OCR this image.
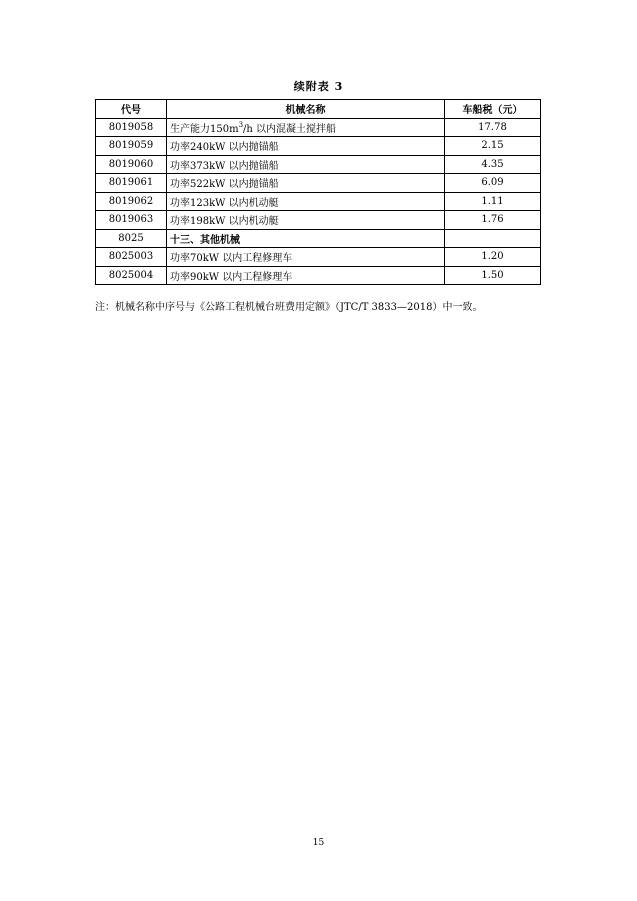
续附表 3
代号	机械名称	车船税（元）
8019058	生产能力$150m^3/h$ 以内混凝土搅拌船	17.78
8019059	功率240kW 以内抛锚船	2.15
8019060	功率373kW 以内抛锚船	4.35
8019061	功率522kW 以内抛锚船	6.09
8019062	功率123kW 以内机动艇	1.11
8019063	功率198kW 以内机动艇	1.76
8025	十三、其他机械	
8025003	功率70kW 以内工程修理车	1.20
8025004	功率90kW 以内工程修理车	1.50
注：机械名称中序号与《公路工程机械台班费用定额》（JTC/T 3833—2018）中一致。
15
